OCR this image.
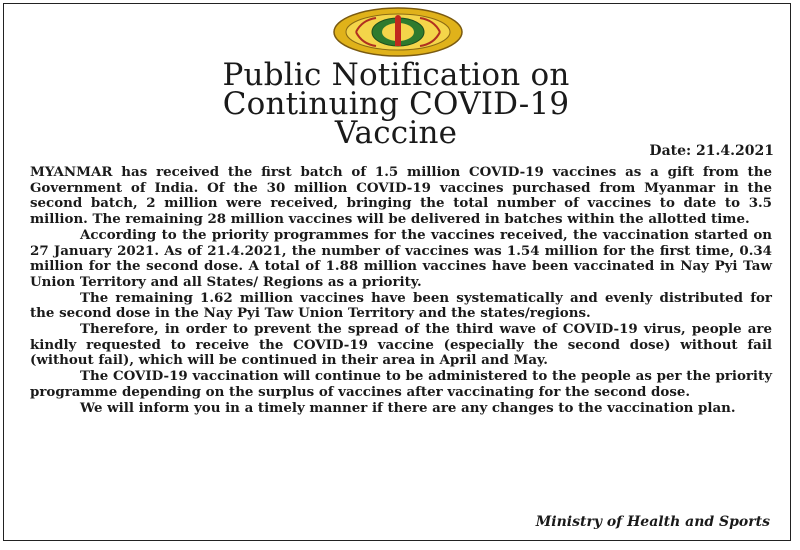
Public Notification on
Continuing COVID-19
Vaccine	Date: 21.4.2021

MYANMAR has received the first batch of 1.5 million COVID-19 vaccines as a gift from the Government of India. Of the 30 million COVID-19 vaccines purchased from Myanmar in the second batch, 2 million were received, bringing the total number of vaccines to date to 3.5 million. The remaining 28 million vaccines will be delivered in batches within the allotted time.

According to the priority programmes for the vaccines received, the vaccination started on 27 January 2021. As of 21.4.2021, the number of vaccines was 1.54 million for the first time, 0.34 million for the second dose. A total of 1.88 million vaccines have been vaccinated in Nay Pyi Taw Union Territory and all States/ Regions as a priority.

The remaining 1.62 million vaccines have been systematically and evenly distributed for the second dose in the Nay Pyi Taw Union Territory and the states/regions.

Therefore, in order to prevent the spread of the third wave of COVID-19 virus, people are kindly requested to receive the COVID-19 vaccine (especially the second dose) without fail (without fail), which will be continued in their area in April and May.

The COVID-19 vaccination will continue to be administered to the people as per the priority programme depending on the surplus of vaccines after vaccinating for the second dose.

We will inform you in a timely manner if there are any changes to the vaccination plan.

Ministry of Health and Sports
